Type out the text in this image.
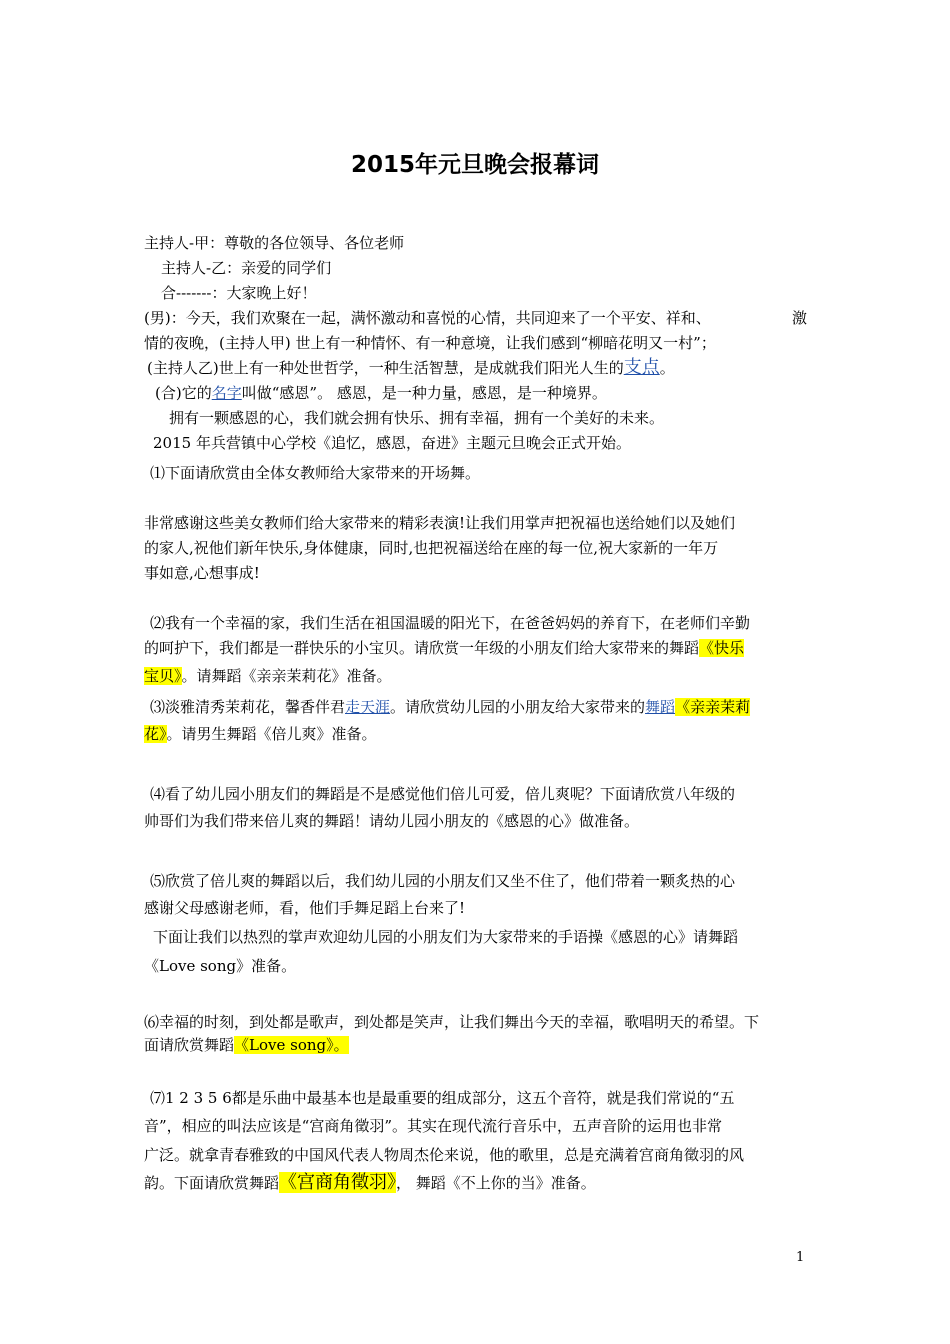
2015年元旦晚会报幕词
主持人-甲：尊敬的各位领导、各位老师
主持人-乙：亲爱的同学们
合-------：大家晚上好！
(男)：今天，我们欢聚在一起，满怀激动和喜悦的心情，共同迎来了一个平安、祥和、	激
情的夜晚，(主持人甲) 世上有一种情怀、有一种意境，让我们感到“柳暗花明又一村”；
(主持人乙)世上有一种处世哲学，一种生活智慧，是成就我们阳光人生的支点。
(合)它的名字叫做“感恩”。 感恩，是一种力量，感恩，是一种境界。
拥有一颗感恩的心，我们就会拥有快乐、拥有幸福，拥有一个美好的未来。
2015 年兵营镇中心学校《追忆，感恩，奋进》主题元旦晚会正式开始。
⑴下面请欣赏由全体女教师给大家带来的开场舞。
非常感谢这些美女教师们给大家带来的精彩表演!让我们用掌声把祝福也送给她们以及她们
的家人,祝他们新年快乐,身体健康，同时,也把祝福送给在座的每一位,祝大家新的一年万
事如意,心想事成!
⑵我有一个幸福的家，我们生活在祖国温暖的阳光下，在爸爸妈妈的养育下，在老师们辛勤
的呵护下，我们都是一群快乐的小宝贝。请欣赏一年级的小朋友们给大家带来的舞蹈《快乐
宝贝》。请舞蹈《亲亲茉莉花》准备。
⑶淡雅清秀茉莉花，馨香伴君走天涯。请欣赏幼儿园的小朋友给大家带来的舞蹈《亲亲茉莉
花》。请男生舞蹈《倍儿爽》准备。
⑷看了幼儿园小朋友们的舞蹈是不是感觉他们倍儿可爱，倍儿爽呢？下面请欣赏八年级的
帅哥们为我们带来倍儿爽的舞蹈！请幼儿园小朋友的《感恩的心》做准备。
⑸欣赏了倍儿爽的舞蹈以后，我们幼儿园的小朋友们又坐不住了，他们带着一颗炙热的心
感谢父母感谢老师，看，他们手舞足蹈上台来了!
下面让我们以热烈的掌声欢迎幼儿园的小朋友们为大家带来的手语操《感恩的心》请舞蹈
《Love song》准备。
⑹幸福的时刻，到处都是歌声，到处都是笑声，让我们舞出今天的幸福，歌唱明天的希望。下
面请欣赏舞蹈《Love song》。
⑺1 2 3 5 6都是乐曲中最基本也是最重要的组成部分，这五个音符，就是我们常说的“五
音”，相应的叫法应该是“宫商角徵羽”。其实在现代流行音乐中，五声音阶的运用也非常
广泛。就拿青春雅致的中国风代表人物周杰伦来说，他的歌里，总是充满着宫商角徵羽的风
韵。下面请欣赏舞蹈《宫商角徵羽》， 舞蹈《不上你的当》准备。
1
